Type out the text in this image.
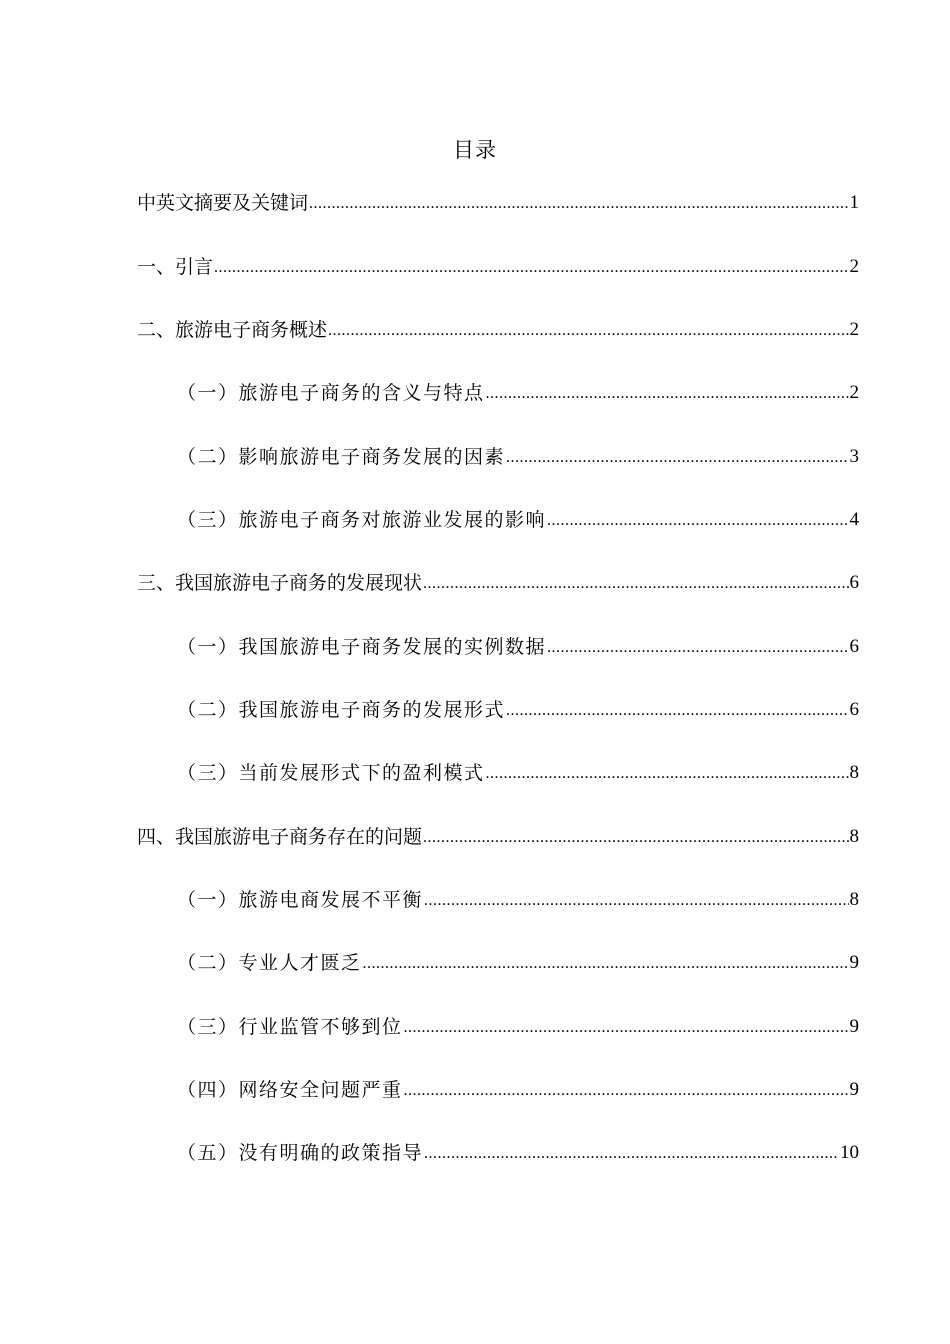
目录
中英文摘要及关键词 .....	1
一、引言 .....	2
二、旅游电子商务概述 .....	2
（一）旅游电子商务的含义与特点 .....	2
（二）影响旅游电子商务发展的因素 .....	3
（三）旅游电子商务对旅游业发展的影响 .....	4
三、我国旅游电子商务的发展现状 .....	6
（一）我国旅游电子商务发展的实例数据 .....	6
（二）我国旅游电子商务的发展形式 .....	6
（三）当前发展形式下的盈利模式 .....	8
四、我国旅游电子商务存在的问题 .....	8
（一）旅游电商发展不平衡 .....	8
（二）专业人才匮乏 .....	9
（三）行业监管不够到位 .....	9
（四）网络安全问题严重 .....	9
（五）没有明确的政策指导 .....	10
